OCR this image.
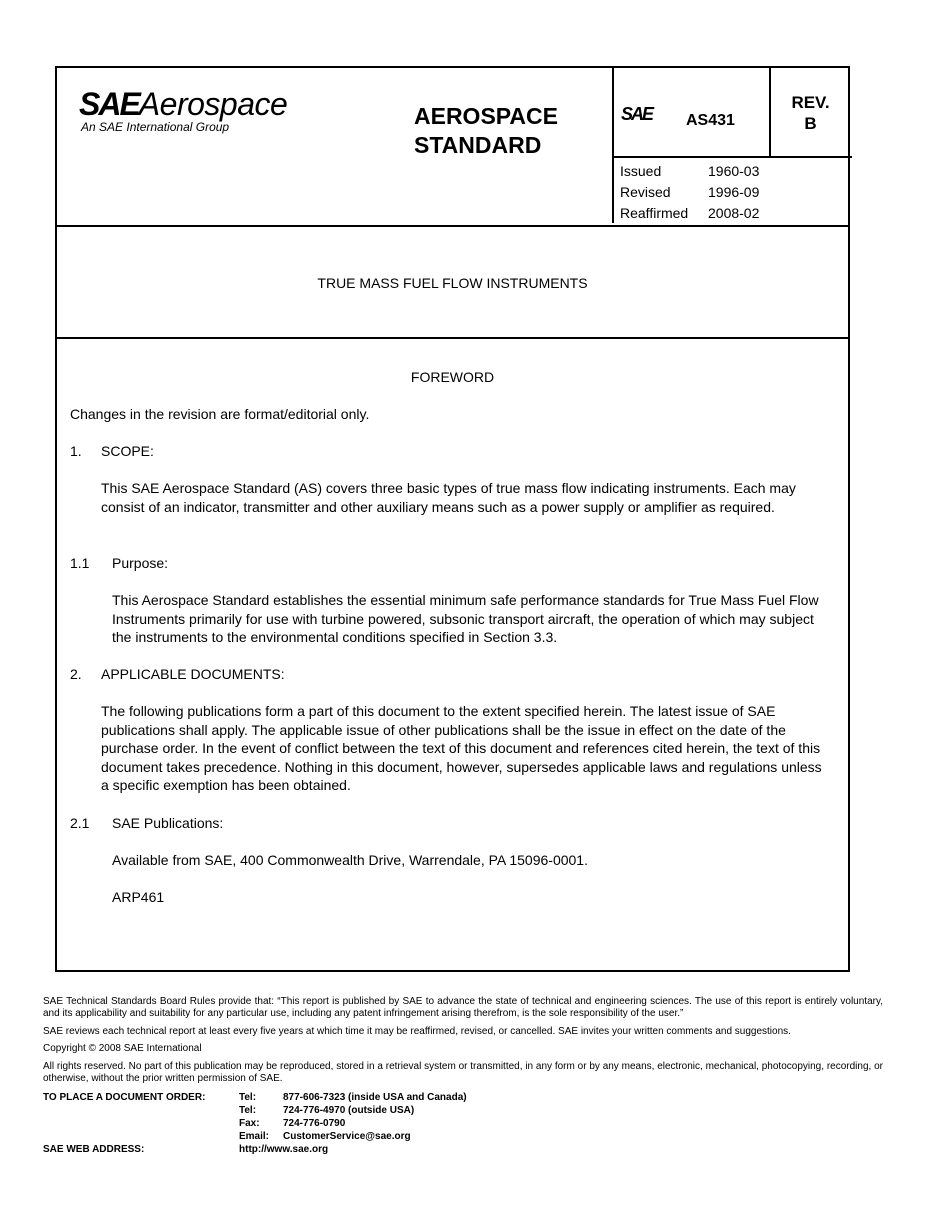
SAEAerospace
An SAE International Group	AEROSPACE
STANDARD
SAE AS431
REV.
B
Issued	1960-03
Revised	1996-09
Reaffirmed 2008-02
TRUE MASS FUEL FLOW INSTRUMENTS
FOREWORD
Changes in the revision are format/editorial only.
1. SCOPE:
This SAE Aerospace Standard (AS) covers three basic types of true mass flow indicating instruments. Each may consist of an indicator, transmitter and other auxiliary means such as a power supply or amplifier as required.
1.1 Purpose:
This Aerospace Standard establishes the essential minimum safe performance standards for True Mass Fuel Flow Instruments primarily for use with turbine powered, subsonic transport aircraft, the operation of which may subject the instruments to the environmental conditions specified in Section 3.3.
2. APPLICABLE DOCUMENTS:
The following publications form a part of this document to the extent specified herein. The latest issue of SAE publications shall apply. The applicable issue of other publications shall be the issue in effect on the date of the purchase order. In the event of conflict between the text of this document and references cited herein, the text of this document takes precedence. Nothing in this document, however, supersedes applicable laws and regulations unless a specific exemption has been obtained.
2.1 SAE Publications:
Available from SAE, 400 Commonwealth Drive, Warrendale, PA 15096-0001.
ARP461
SAE Technical Standards Board Rules provide that: “This report is published by SAE to advance the state of technical and engineering sciences. The use of this report is entirely voluntary, and its applicability and suitability for any particular use, including any patent infringement arising therefrom, is the sole responsibility of the user.”
SAE reviews each technical report at least every five years at which time it may be reaffirmed, revised, or cancelled. SAE invites your written comments and suggestions.
Copyright © 2008 SAE International
All rights reserved. No part of this publication may be reproduced, stored in a retrieval system or transmitted, in any form or by any means, electronic, mechanical, photocopying, recording, or otherwise, without the prior written permission of SAE.
TO PLACE A DOCUMENT ORDER:	Tel:	877-606-7323 (inside USA and Canada)
Tel:	724-776-4970 (outside USA)
Fax: 724-776-0790
Email: CustomerService@sae.org
SAE WEB ADDRESS:	http://www.sae.org
